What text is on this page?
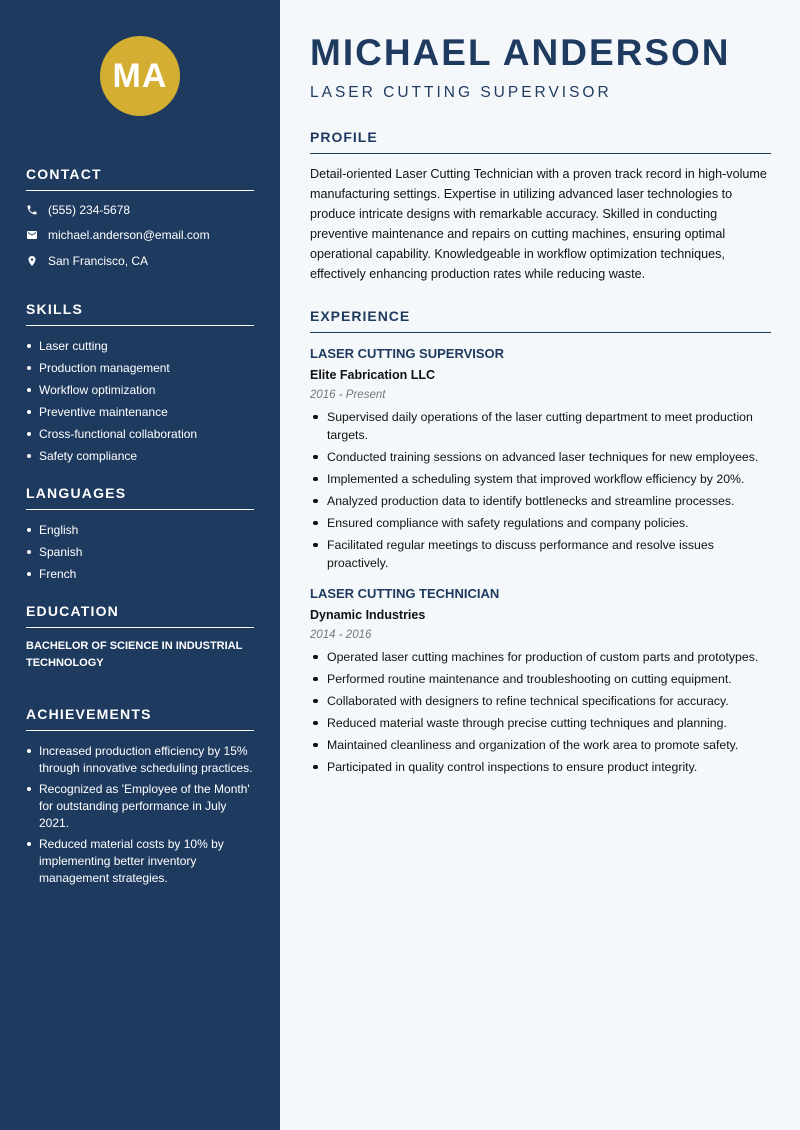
MA
CONTACT
(555) 234-5678
michael.anderson@email.com
San Francisco, CA
SKILLS
Laser cutting
Production management
Workflow optimization
Preventive maintenance
Cross-functional collaboration
Safety compliance
LANGUAGES
English
Spanish
French
EDUCATION
BACHELOR OF SCIENCE IN INDUSTRIAL TECHNOLOGY
ACHIEVEMENTS
Increased production efficiency by 15% through innovative scheduling practices.
Recognized as 'Employee of the Month' for outstanding performance in July 2021.
Reduced material costs by 10% by implementing better inventory management strategies.
MICHAEL ANDERSON
LASER CUTTING SUPERVISOR
PROFILE

Detail-oriented Laser Cutting Technician with a proven track record in high-volume manufacturing settings. Expertise in utilizing advanced laser technologies to produce intricate designs with remarkable accuracy. Skilled in conducting preventive maintenance and repairs on cutting machines, ensuring optimal operational capability. Knowledgeable in workflow optimization techniques, effectively enhancing production rates while reducing waste.

EXPERIENCE
LASER CUTTING SUPERVISOR
Elite Fabrication LLC
2016 - Present
Supervised daily operations of the laser cutting department to meet production targets.
Conducted training sessions on advanced laser techniques for new employees.
Implemented a scheduling system that improved workflow efficiency by 20%.
Analyzed production data to identify bottlenecks and streamline processes.
Ensured compliance with safety regulations and company policies.
Facilitated regular meetings to discuss performance and resolve issues proactively.
LASER CUTTING TECHNICIAN
Dynamic Industries
2014 - 2016
Operated laser cutting machines for production of custom parts and prototypes.
Performed routine maintenance and troubleshooting on cutting equipment.
Collaborated with designers to refine technical specifications for accuracy.
Reduced material waste through precise cutting techniques and planning.
Maintained cleanliness and organization of the work area to promote safety.
Participated in quality control inspections to ensure product integrity.
